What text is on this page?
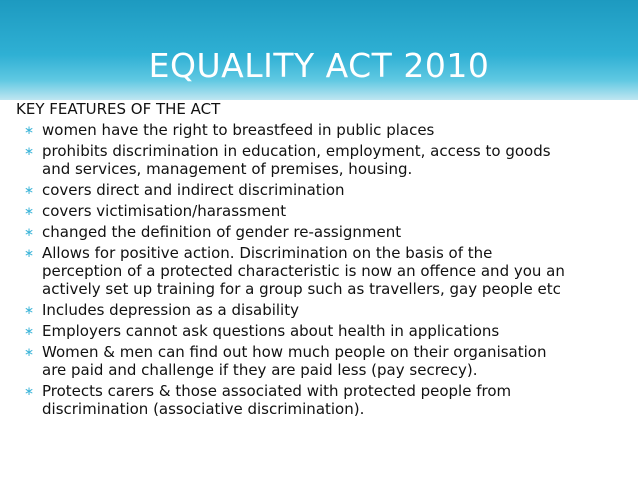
EQUALITY ACT 2010
KEY FEATURES OF THE ACT
∗ women have the right to breastfeed in public places
∗ prohibits discrimination in education, employment, access to goods
and services, management of premises, housing.
∗ covers direct and indirect discrimination
∗ covers victimisation/harassment
∗ changed the definition of gender re-assignment
∗ Allows for positive action. Discrimination on the basis of the
perception of a protected characteristic is now an offence and you an
actively set up training for a group such as travellers, gay people etc
∗ Includes depression as a disability
∗ Employers cannot ask questions about health in applications
∗ Women & men can find out how much people on their organisation
are paid and challenge if they are paid less (pay secrecy).
∗ Protects carers & those associated with protected people from
discrimination (associative discrimination).
